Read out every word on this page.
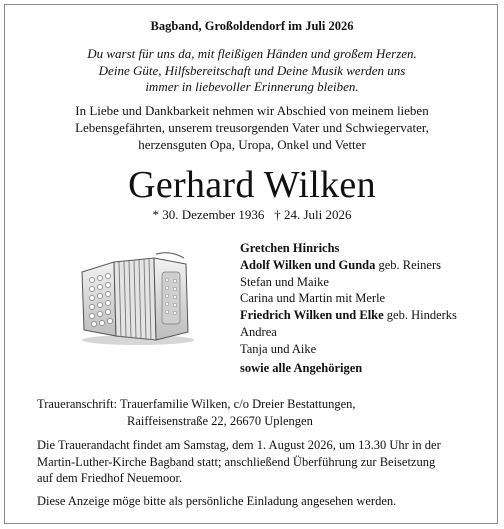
Bagband, Großoldendorf im Juli 2026
Du warst für uns da, mit fleißigen Händen und großem Herzen.
Deine Güte, Hilfsbereitschaft und Deine Musik werden uns
immer in liebevoller Erinnerung bleiben.
In Liebe und Dankbarkeit nehmen wir Abschied von meinem lieben
Lebensgefährten, unserem treusorgenden Vater und Schwiegervater,
herzensguten Opa, Uropa, Onkel und Vetter
Gerhard Wilken
* 30. Dezember 1936 † 24. Juli 2026
Gretchen Hinrichs
Adolf Wilken und Gunda geb. Reiners
Stefan und Maike
Carina und Martin mit Merle
Friedrich Wilken und Elke geb. Hinderks
Andrea
Tanja und Aike
sowie alle Angehörigen
Traueranschrift: Trauerfamilie Wilken, c/o Dreier Bestattungen,
Raiffeisenstraße 22, 26670 Uplengen
Die Trauerandacht findet am Samstag, dem 1. August 2026, um 13.30 Uhr in der
Martin-Luther-Kirche Bagband statt; anschließend Überführung zur Beisetzung
auf dem Friedhof Neuemoor.
Diese Anzeige möge bitte als persönliche Einladung angesehen werden.
